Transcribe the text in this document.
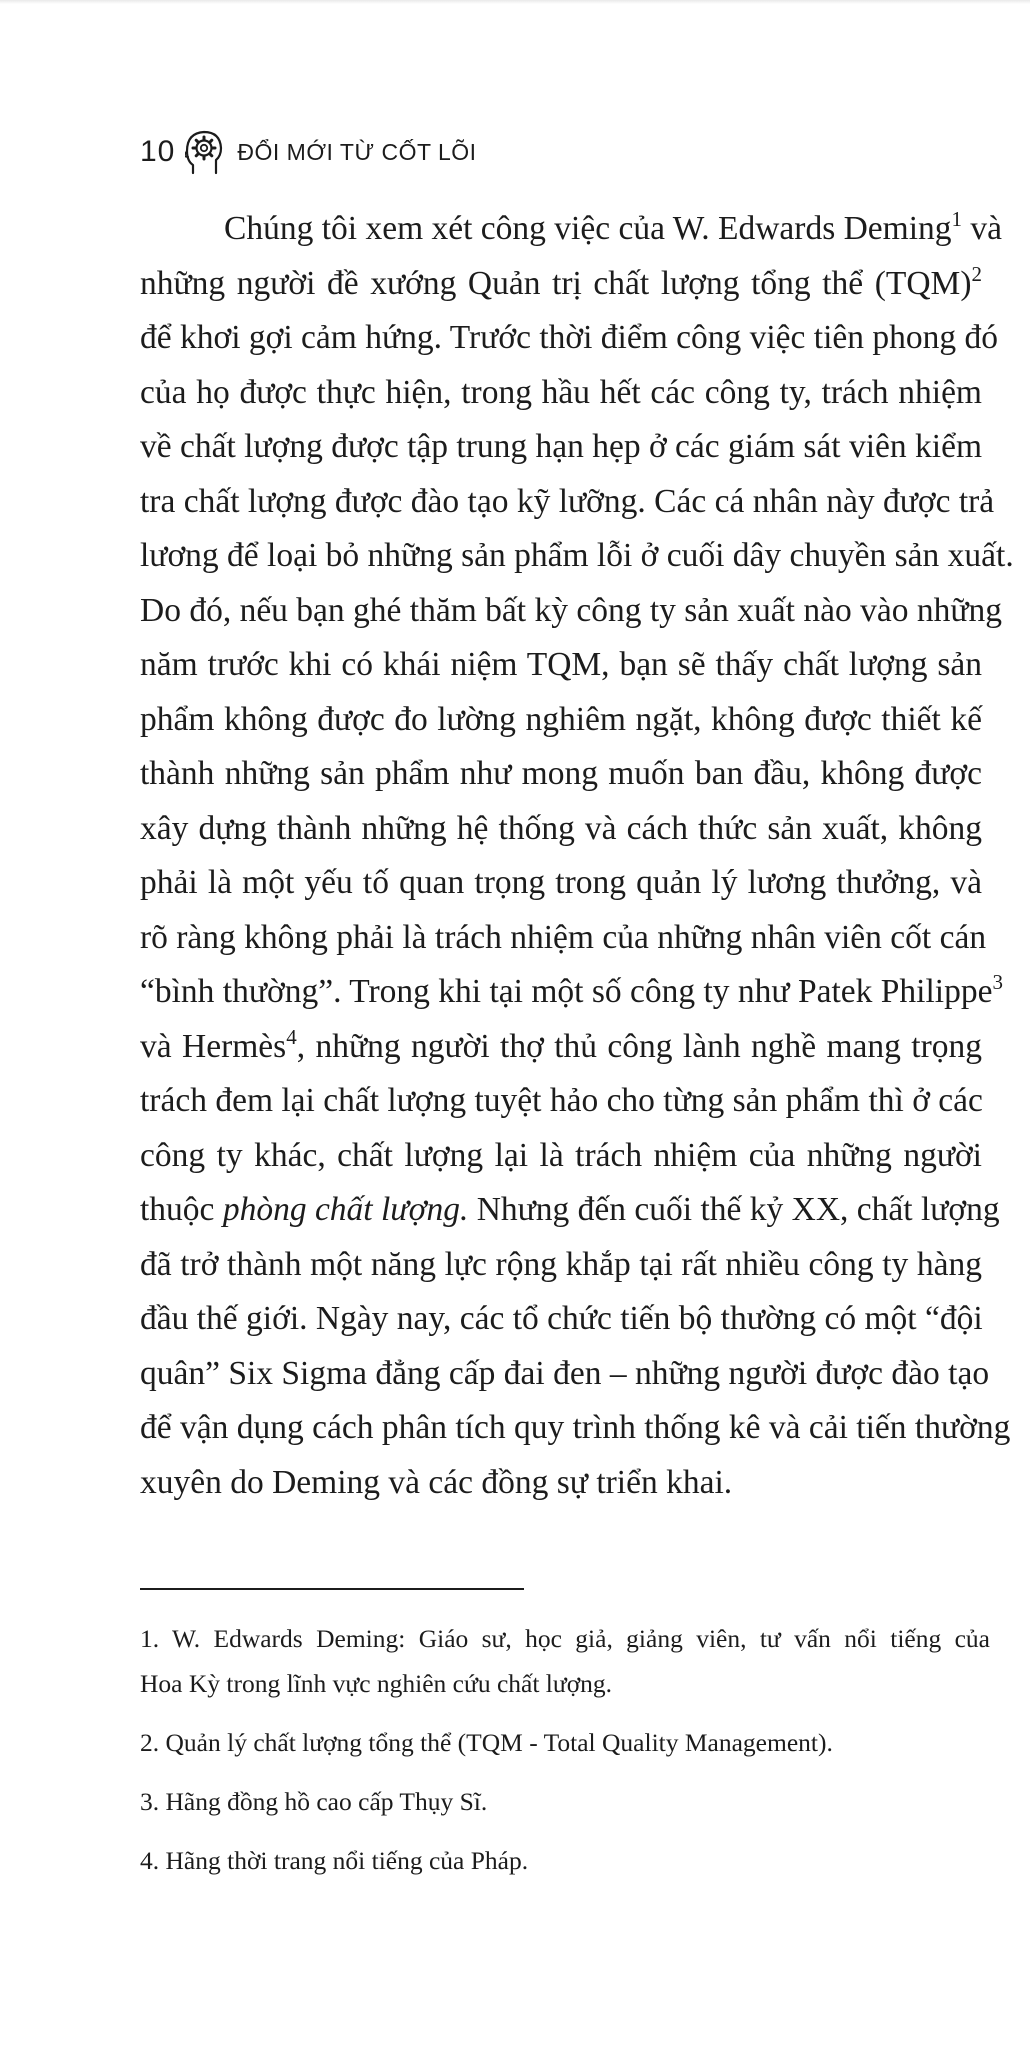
10	ĐỔI MỚI TỪ CỐT LÕI
Chúng tôi xem xét công việc của W. Edwards Deming$^1$ và
những người đề xướng Quản trị chất lượng tổng thể (TQM)$^2$
để khơi gợi cảm hứng. Trước thời điểm công việc tiên phong đó
của họ được thực hiện, trong hầu hết các công ty, trách nhiệm
về chất lượng được tập trung hạn hẹp ở các giám sát viên kiểm
tra chất lượng được đào tạo kỹ lưỡng. Các cá nhân này được trả
lương để loại bỏ những sản phẩm lỗi ở cuối dây chuyền sản xuất.
Do đó, nếu bạn ghé thăm bất kỳ công ty sản xuất nào vào những
năm trước khi có khái niệm TQM, bạn sẽ thấy chất lượng sản
phẩm không được đo lường nghiêm ngặt, không được thiết kế
thành những sản phẩm như mong muốn ban đầu, không được
xây dựng thành những hệ thống và cách thức sản xuất, không
phải là một yếu tố quan trọng trong quản lý lương thưởng, và
rõ ràng không phải là trách nhiệm của những nhân viên cốt cán
“bình thường”. Trong khi tại một số công ty như Patek Philippe$^3$
và Hermès$^4$, những người thợ thủ công lành nghề mang trọng
trách đem lại chất lượng tuyệt hảo cho từng sản phẩm thì ở các
công ty khác, chất lượng lại là trách nhiệm của những người
thuộc phòng chất lượng. Nhưng đến cuối thế kỷ XX, chất lượng
đã trở thành một năng lực rộng khắp tại rất nhiều công ty hàng
đầu thế giới. Ngày nay, các tổ chức tiến bộ thường có một “đội
quân” Six Sigma đẳng cấp đai đen – những người được đào tạo
để vận dụng cách phân tích quy trình thống kê và cải tiến thường
xuyên do Deming và các đồng sự triển khai.
1. W. Edwards Deming: Giáo sư, học giả, giảng viên, tư vấn nổi tiếng của
Hoa Kỳ trong lĩnh vực nghiên cứu chất lượng.
2. Quản lý chất lượng tổng thể (TQM - Total Quality Management).
3. Hãng đồng hồ cao cấp Thụy Sĩ.
4. Hãng thời trang nổi tiếng của Pháp.
